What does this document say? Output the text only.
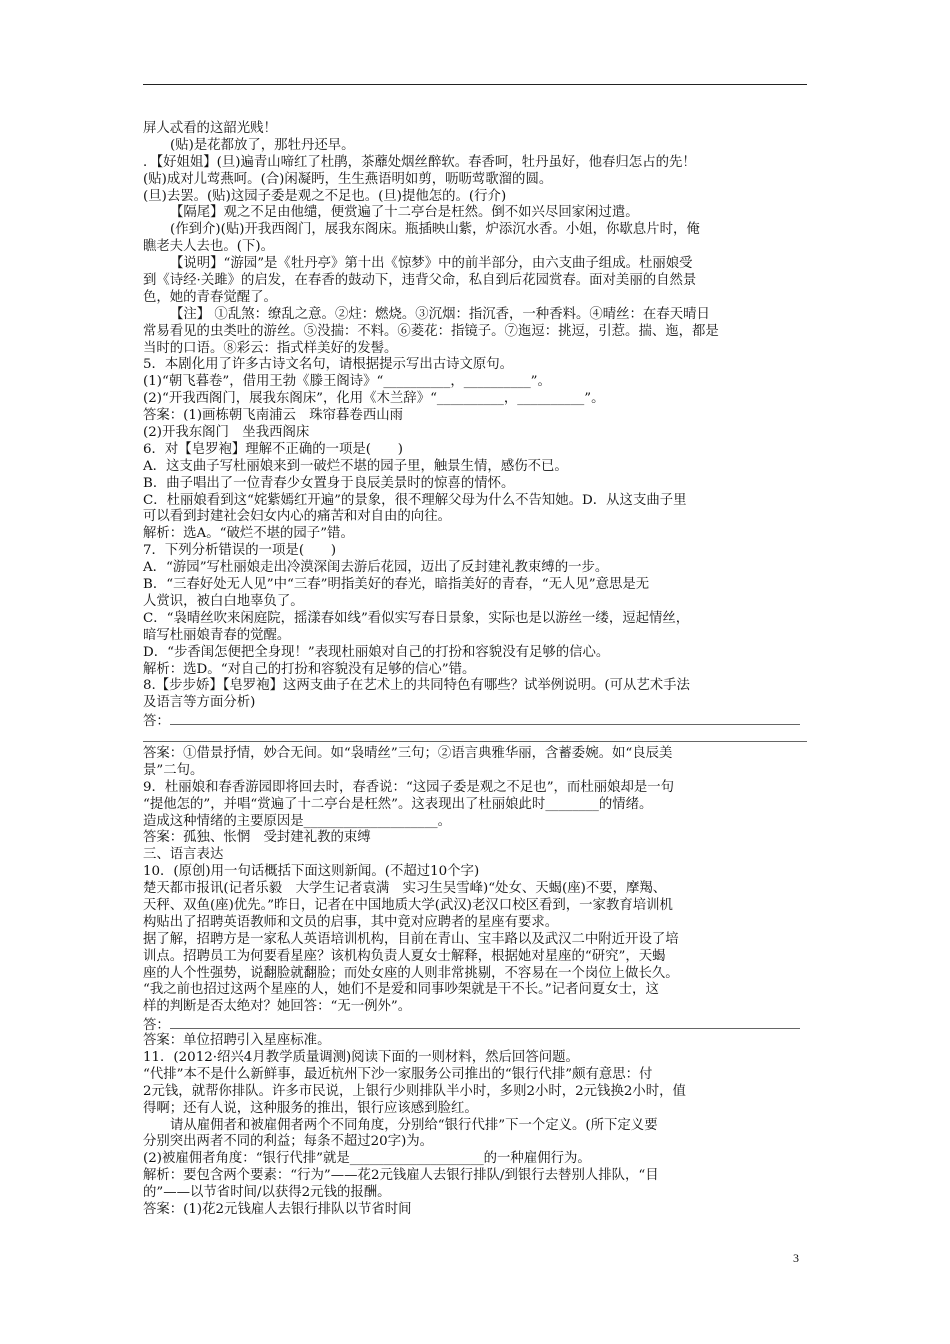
屏人忒看的这韶光贱！
(贴)是花都放了，那牡丹还早。
．【好姐姐】(旦)遍青山啼红了杜鹃，茶蘼处烟丝醉软。春香呵，牡丹虽好，他春归怎占的先！
(贴)成对儿莺燕呵。(合)闲凝眄，生生燕语明如剪，呖呖莺歌溜的圆。
(旦)去罢。(贴)这园子委是观之不足也。(旦)提他怎的。(行介)
【隔尾】观之不足由他缱，便赏遍了十二亭台是枉然。倒不如兴尽回家闲过遣。
(作到介)(贴)开我西阁门，展我东阁床。瓶插映山紫，炉添沉水香。小姐，你歇息片时，俺
瞧老夫人去也。(下)。
【说明】“游园”是《牡丹亭》第十出《惊梦》中的前半部分，由六支曲子组成。杜丽娘受
到《诗经·关雎》的启发，在春香的鼓动下，违背父命，私自到后花园赏春。面对美丽的自然景
色，她的青春觉醒了。
【注】 ①乱煞：缭乱之意。②炷：燃烧。③沉烟：指沉香，一种香料。④晴丝：在春天晴日
常易看见的虫类吐的游丝。⑤没揣：不料。⑥菱花：指镜子。⑦迤逗：挑逗，引惹。揣、迤，都是
当时的口语。⑧彩云：指式样美好的发髻。
5．本剧化用了许多古诗文名句，请根据提示写出古诗文原句。
(1)“朝飞暮卷”，借用王勃《滕王阁诗》“__________，__________”。
(2)“开我西阁门，展我东阁床”，化用《木兰辞》“__________，__________”。
答案：(1)画栋朝飞南浦云　珠帘暮卷西山雨
(2)开我东阁门　坐我西阁床
6．对【皂罗袍】理解不正确的一项是(　　)
A．这支曲子写杜丽娘来到一破烂不堪的园子里，触景生情，感伤不已。
B．曲子唱出了一位青春少女置身于良辰美景时的惊喜的情怀。
C．杜丽娘看到这“姹紫嫣红开遍”的景象，很不理解父母为什么不告知她。D．从这支曲子里
可以看到封建社会妇女内心的痛苦和对自由的向往。
解析：选A。“破烂不堪的园子”错。
7．下列分析错误的一项是(　　)
A．“游园”写杜丽娘走出冷漠深闺去游后花园，迈出了反封建礼教束缚的一步。
B．“三春好处无人见”中“三春”明指美好的春光，暗指美好的青春，“无人见”意思是无
人赏识，被白白地辜负了。
C．“袅晴丝吹来闲庭院，摇漾春如线”看似实写春日景象，实际也是以游丝一缕，逗起情丝，
暗写杜丽娘青春的觉醒。
D．“步香闺怎便把全身现！”表现杜丽娘对自己的打扮和容貌没有足够的信心。
解析：选D。“对自己的打扮和容貌没有足够的信心”错。
8.【步步娇】【皂罗袍】这两支曲子在艺术上的共同特色有哪些？试举例说明。(可从艺术手法
及语言等方面分析)
答：
答案：①借景抒情，妙合无间。如“袅晴丝”三句；②语言典雅华丽，含蓄委婉。如“良辰美
景”二句。
9．杜丽娘和春香游园即将回去时，春香说：“这园子委是观之不足也”，而杜丽娘却是一句
“提他怎的”，并唱“赏遍了十二亭台是枉然”。这表现出了杜丽娘此时________的情绪。
造成这种情绪的主要原因是____________________。
答案：孤独、怅惘　受封建礼教的束缚
三、语言表达
10．(原创)用一句话概括下面这则新闻。(不超过10个字)
楚天都市报讯(记者乐毅　大学生记者袁满　实习生吴雪峰)“处女、天蝎(座)不要，摩羯、
天秤、双鱼(座)优先。”昨日，记者在中国地质大学(武汉)老汉口校区看到，一家教育培训机
构贴出了招聘英语教师和文员的启事，其中竟对应聘者的星座有要求。
据了解，招聘方是一家私人英语培训机构，目前在青山、宝丰路以及武汉二中附近开设了培
训点。招聘员工为何要看星座？该机构负责人夏女士解释，根据她对星座的“研究”，天蝎
座的人个性强势，说翻脸就翻脸；而处女座的人则非常挑剔，不容易在一个岗位上做长久。
“我之前也招过这两个星座的人，她们不是爱和同事吵架就是干不长。”记者问夏女士，这
样的判断是否太绝对？她回答：“无一例外”。
答：
答案：单位招聘引入星座标准。
11．(2012·绍兴4月教学质量调测)阅读下面的一则材料，然后回答问题。
“代排”本不是什么新鲜事，最近杭州下沙一家服务公司推出的“银行代排”颇有意思：付
2元钱，就帮你排队。许多市民说，上银行少则排队半小时，多则2小时，2元钱换2小时，值
得啊；还有人说，这种服务的推出，银行应该感到脸红。
请从雇佣者和被雇佣者两个不同角度，分别给“银行代排”下一个定义。(所下定义要
分别突出两者不同的利益；每条不超过20字)为。
(2)被雇佣者角度：“银行代排”就是____________________的一种雇佣行为。
解析：要包含两个要素：“行为”——花2元钱雇人去银行排队/到银行去替别人排队，“目
的”——以节省时间/以获得2元钱的报酬。
答案：(1)花2元钱雇人去银行排队以节省时间
3
